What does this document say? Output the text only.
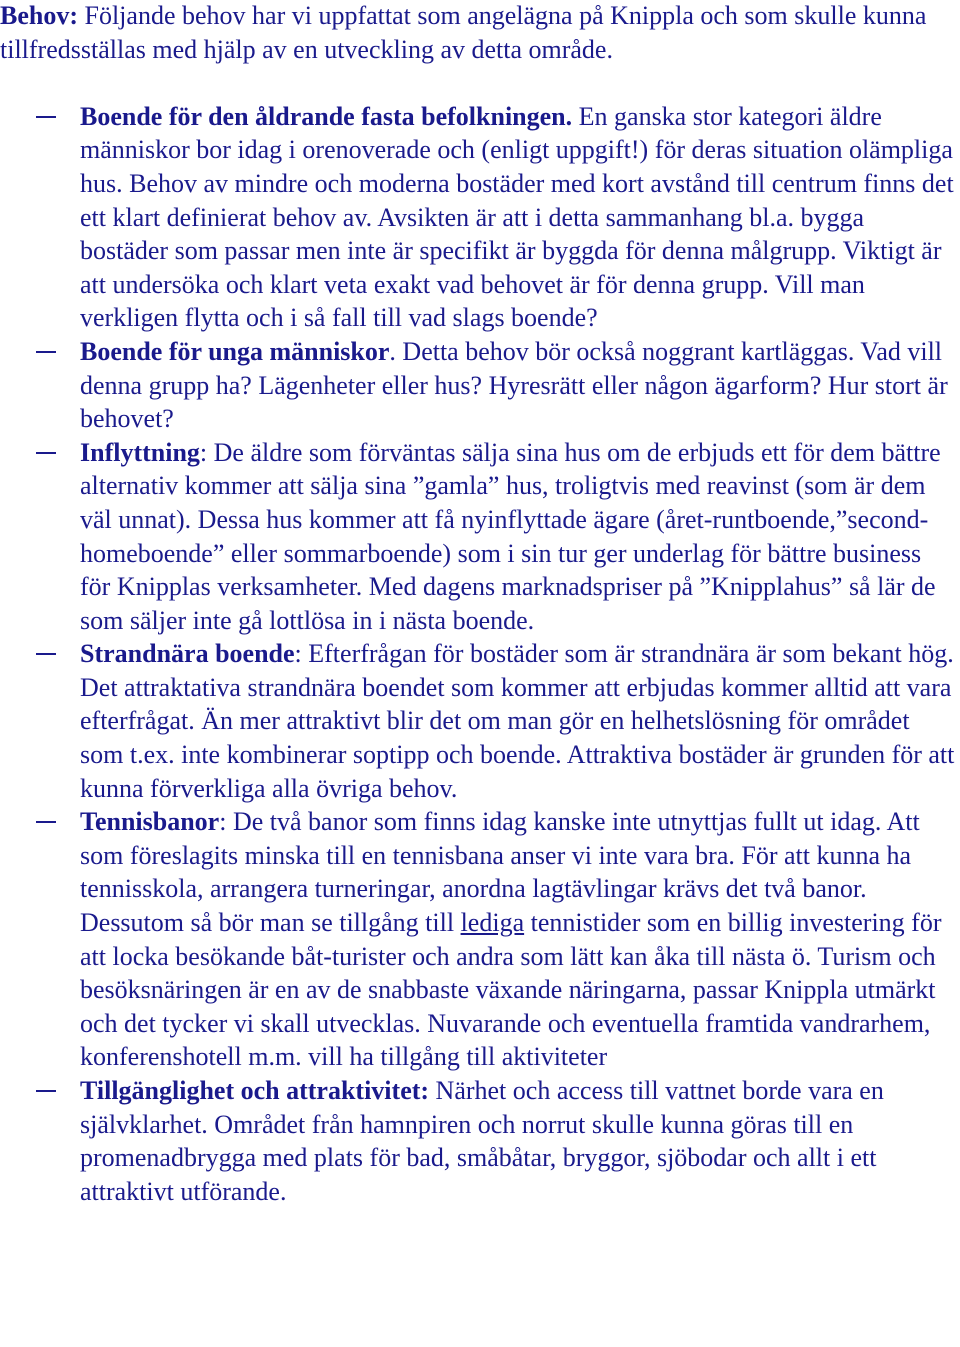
Behov: Följande behov har vi uppfattat som angelägna på Knippla och som skulle kunna tillfredsställas med hjälp av en utveckling av detta område.

Boende för den åldrande fasta befolkningen. En ganska stor kategori äldre människor bor idag i orenoverade och (enligt uppgift!) för deras situation olämpliga hus. Behov av mindre och moderna bostäder med kort avstånd till centrum finns det ett klart definierat behov av. Avsikten är att i detta sammanhang bl.a. bygga bostäder som passar men inte är specifikt är byggda för denna målgrupp. Viktigt är att undersöka och klart veta exakt vad behovet är för denna grupp. Vill man verkligen flytta och i så fall till vad slags boende?

Boende för unga människor. Detta behov bör också noggrant kartläggas. Vad vill denna grupp ha? Lägenheter eller hus? Hyresrätt eller någon ägarform? Hur stort är behovet?

Inflyttning: De äldre som förväntas sälja sina hus om de erbjuds ett för dem bättre alternativ kommer att sälja sina ”gamla” hus, troligtvis med reavinst (som är dem väl unnat). Dessa hus kommer att få nyinflyttade ägare (året-runtboende,”second-homeboende” eller sommarboende) som i sin tur ger underlag för bättre business för Knipplas verksamheter. Med dagens marknadspriser på ”Knipplahus” så lär de som säljer inte gå lottlösa in i nästa boende.

Strandnära boende: Efterfrågan för bostäder som är strandnära är som bekant hög. Det attraktativa strandnära boendet som kommer att erbjudas kommer alltid att vara efterfrågat. Än mer attraktivt blir det om man gör en helhetslösning för området som t.ex. inte kombinerar soptipp och boende. Attraktiva bostäder är grunden för att kunna förverkliga alla övriga behov.

Tennisbanor: De två banor som finns idag kanske inte utnyttjas fullt ut idag. Att som föreslagits minska till en tennisbana anser vi inte vara bra. För att kunna ha tennisskola, arrangera turneringar, anordna lagtävlingar krävs det två banor. Dessutom så bör man se tillgång till lediga tennistider som en billig investering för att locka besökande båt-turister och andra som lätt kan åka till nästa ö. Turism och besöksnäringen är en av de snabbaste växande näringarna, passar Knippla utmärkt och det tycker vi skall utvecklas. Nuvarande och eventuella framtida vandrarhem, konferenshotell m.m. vill ha tillgång till aktiviteter

Tillgänglighet och attraktivitet: Närhet och access till vattnet borde vara en självklarhet. Området från hamnpiren och norrut skulle kunna göras till en promenadbrygga med plats för bad, småbåtar, bryggor, sjöbodar och allt i ett attraktivt utförande.
